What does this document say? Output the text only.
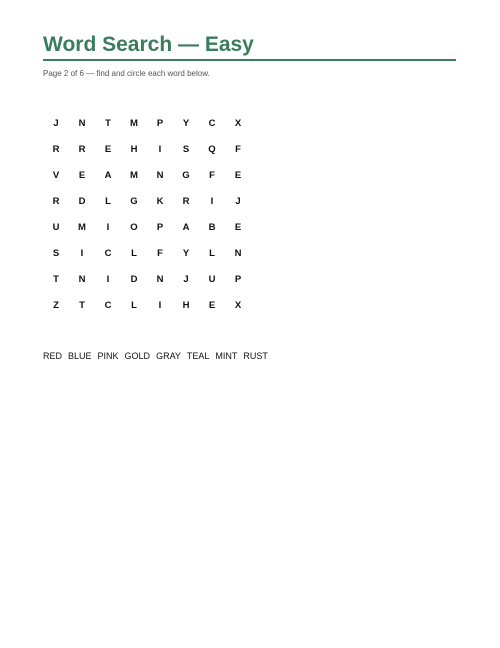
Word Search — Easy
Page 2 of 6 — find and circle each word below.
J	N	T	M	P	Y	C	X
R	R	E	H	I	S	Q	F
V	E	A	M	N	G	F	E
R	D	L	G	K	R	I	J
U	M	I	O	P	A	B	E
S	I	C	L	F	Y	L	N
T	N	I	D	N	J	U	P
Z	T	C	L	I	H	E	X
RED BLUE PINK GOLD GRAY TEAL MINT RUST
